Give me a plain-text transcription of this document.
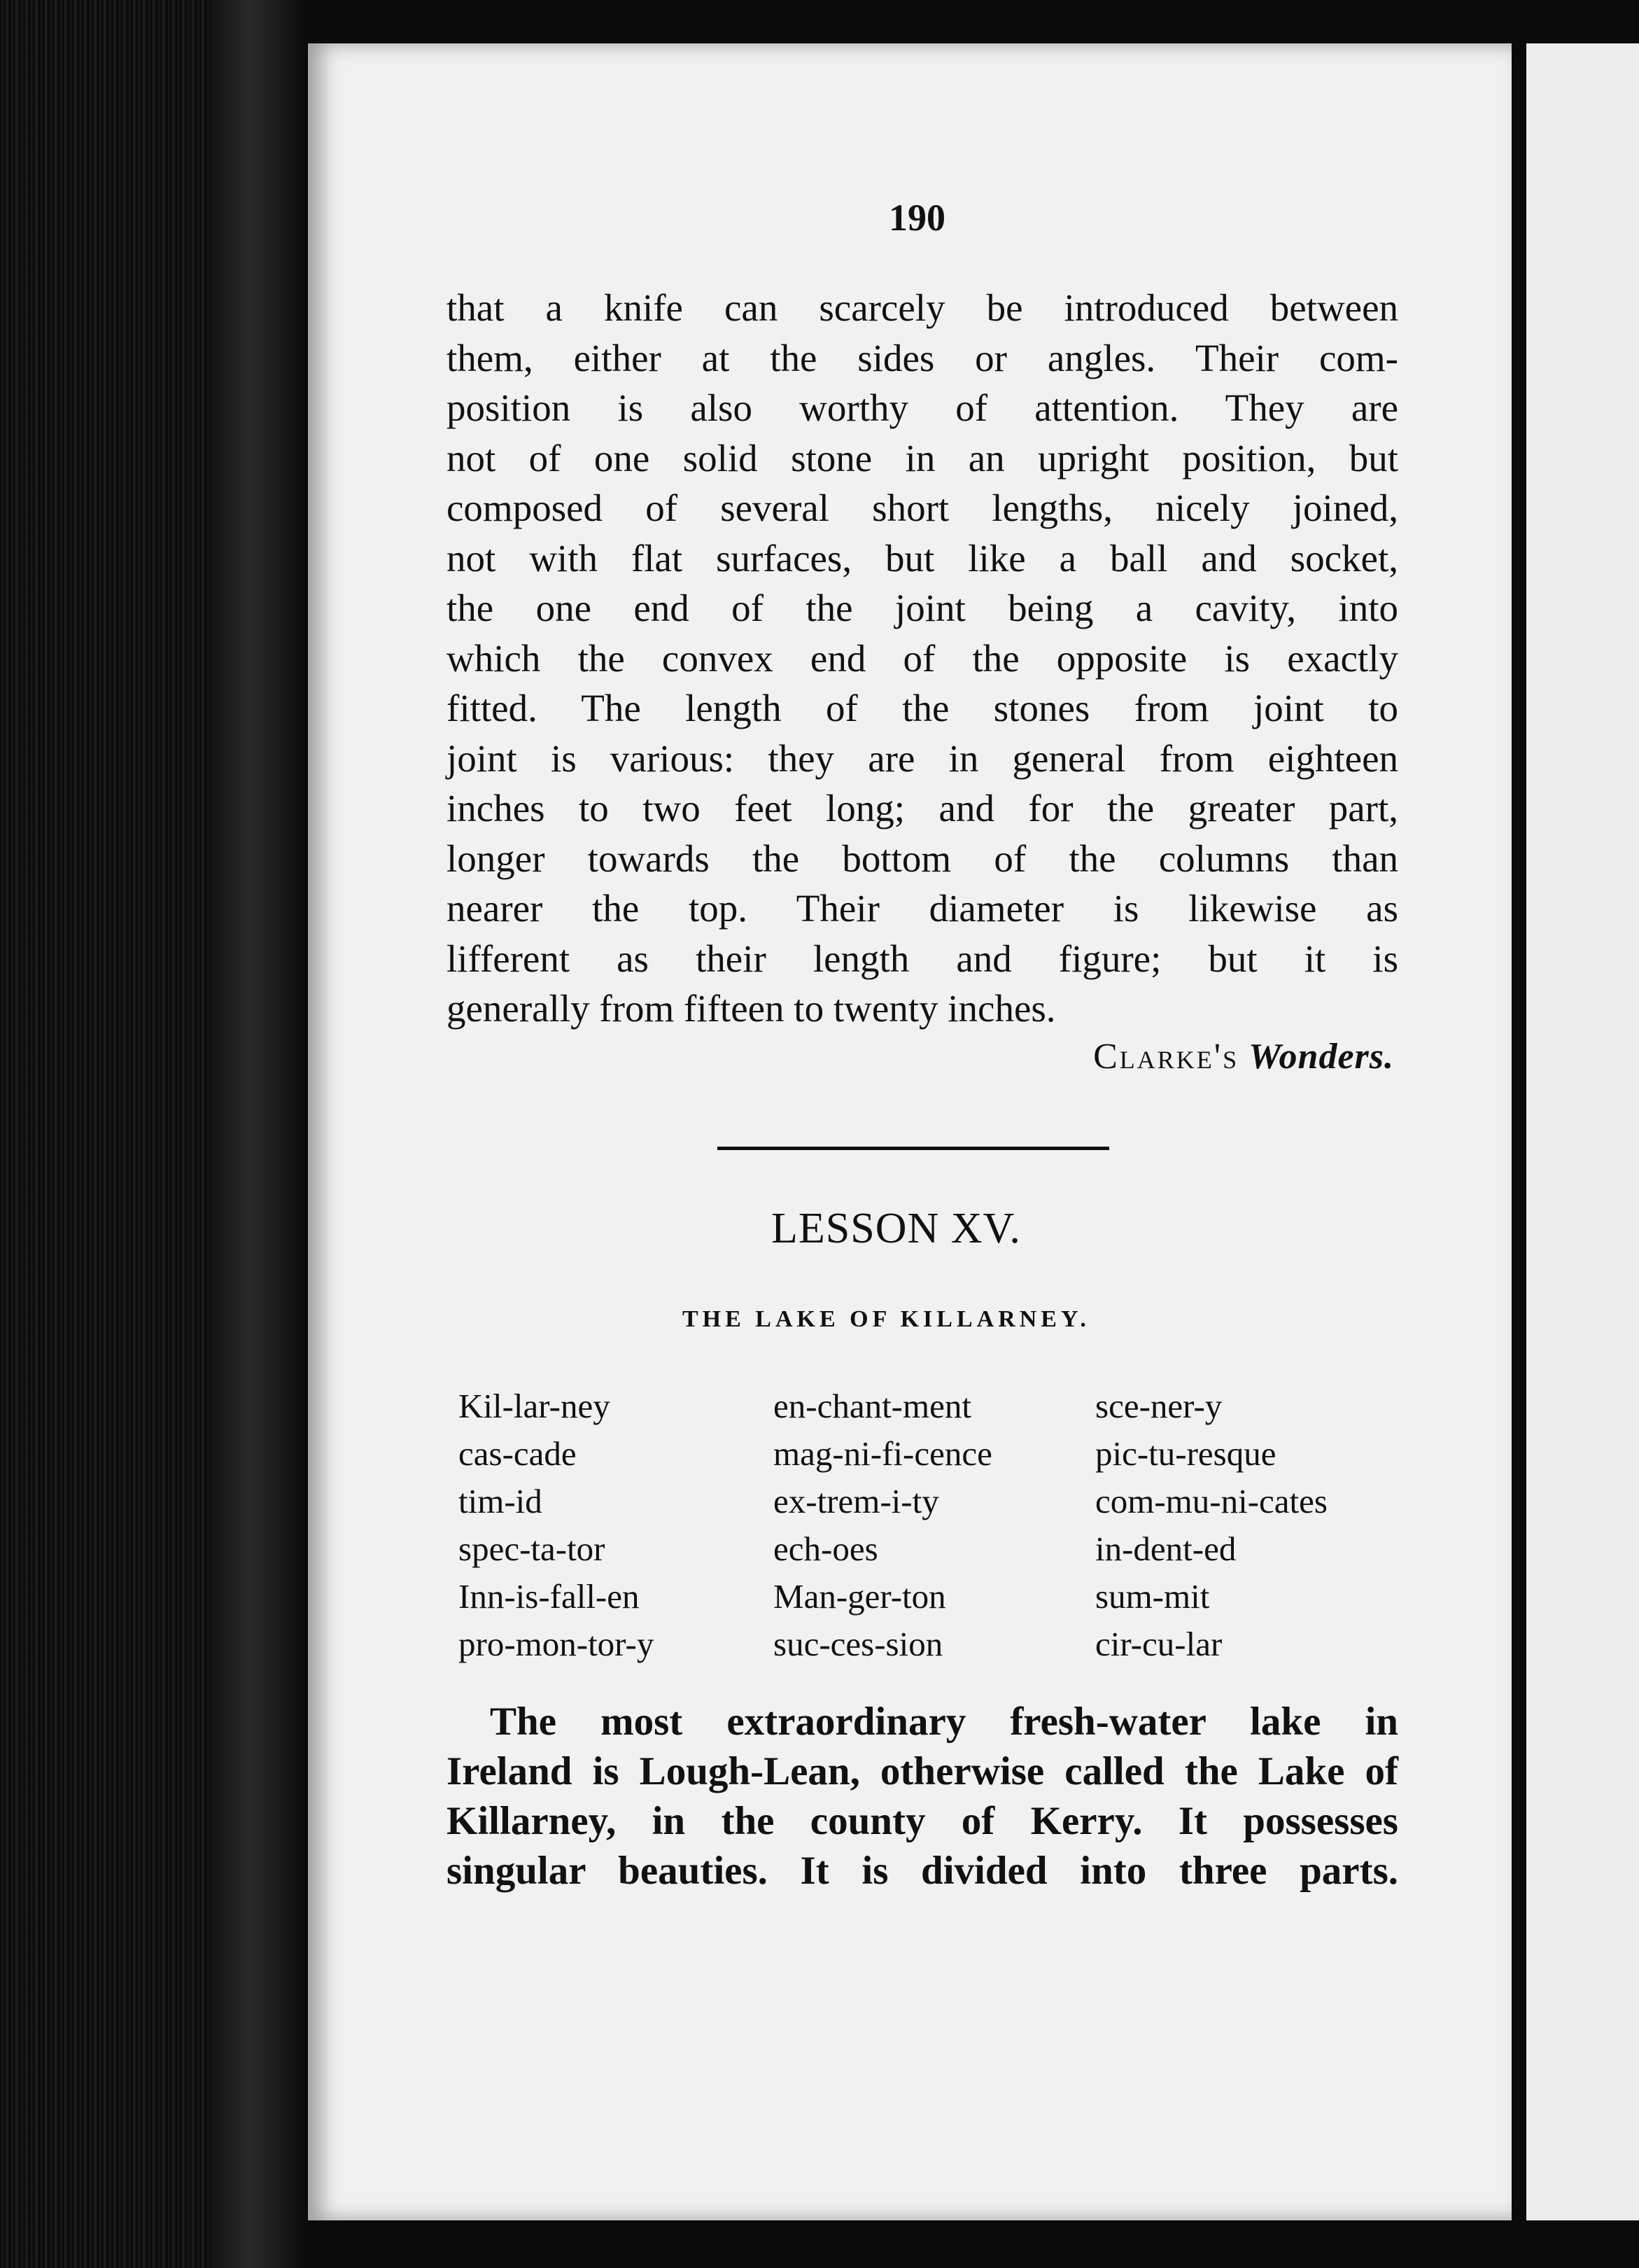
190

that a knife can scarcely be introduced between
them, either at the sides or angles. Their com-
position is also worthy of attention. They are
not of one solid stone in an upright position, but
composed of several short lengths, nicely joined,
not with flat surfaces, but like a ball and socket,
the one end of the joint being a cavity, into
which the convex end of the opposite is exactly
fitted. The length of the stones from joint to
joint is various: they are in general from eighteen
inches to two feet long; and for the greater part,
longer towards the bottom of the columns than
nearer the top. Their diameter is likewise as
lifferent as their length and figure; but it is
generally from fifteen to twenty inches.

Clarke's Wonders.
LESSON XV.
THE LAKE OF KILLARNEY.
Kil-lar-ney	en-chant-ment	sce-ner-y
cas-cade	mag-ni-fi-cence	pic-tu-resque
tim-id	ex-trem-i-ty	com-mu-ni-cates
spec-ta-tor	ech-oes	in-dent-ed
Inn-is-fall-en	Man-ger-ton	sum-mit
pro-mon-tor-y	suc-ces-sion	cir-cu-lar

The most extraordinary fresh-water lake in
Ireland is Lough-Lean, otherwise called the Lake of
Killarney, in the county of Kerry. It possesses
singular beauties. It is divided into three parts.
